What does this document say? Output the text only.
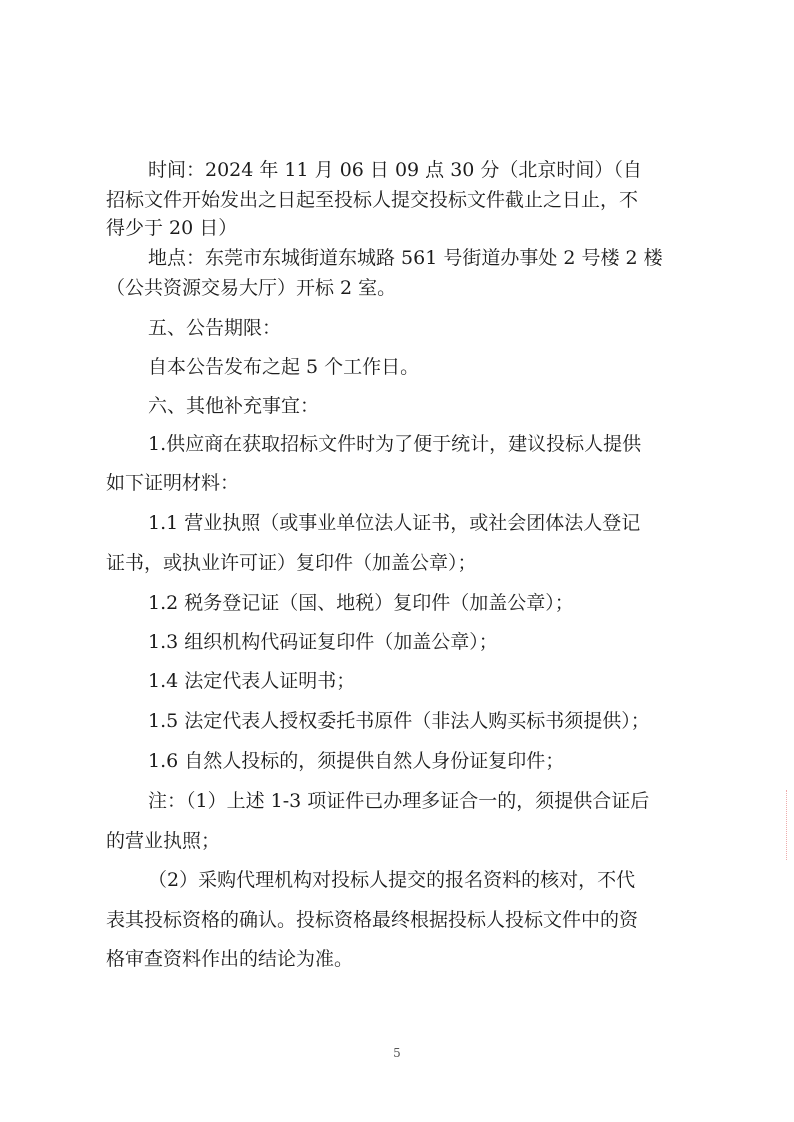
时间：2024 年 11 月 06 日 09 点 30 分（北京时间）（自
招标文件开始发出之日起至投标人提交投标文件截止之日止，不
得少于 20 日）
地点：东莞市东城街道东城路 561 号街道办事处 2 号楼 2 楼
（公共资源交易大厅）开标 2 室。
五、公告期限：
自本公告发布之起 5 个工作日。
六、其他补充事宜：
1.供应商在获取招标文件时为了便于统计，建议投标人提供
如下证明材料：
1.1 营业执照（或事业单位法人证书，或社会团体法人登记
证书，或执业许可证）复印件（加盖公章）；
1.2 税务登记证（国、地税）复印件（加盖公章）；
1.3 组织机构代码证复印件（加盖公章）；
1.4 法定代表人证明书；
1.5 法定代表人授权委托书原件（非法人购买标书须提供）；
1.6 自然人投标的，须提供自然人身份证复印件；
注：（1）上述 1-3 项证件已办理多证合一的，须提供合证后
的营业执照；
（2）采购代理机构对投标人提交的报名资料的核对，不代
表其投标资格的确认。投标资格最终根据投标人投标文件中的资
格审查资料作出的结论为准。
5
